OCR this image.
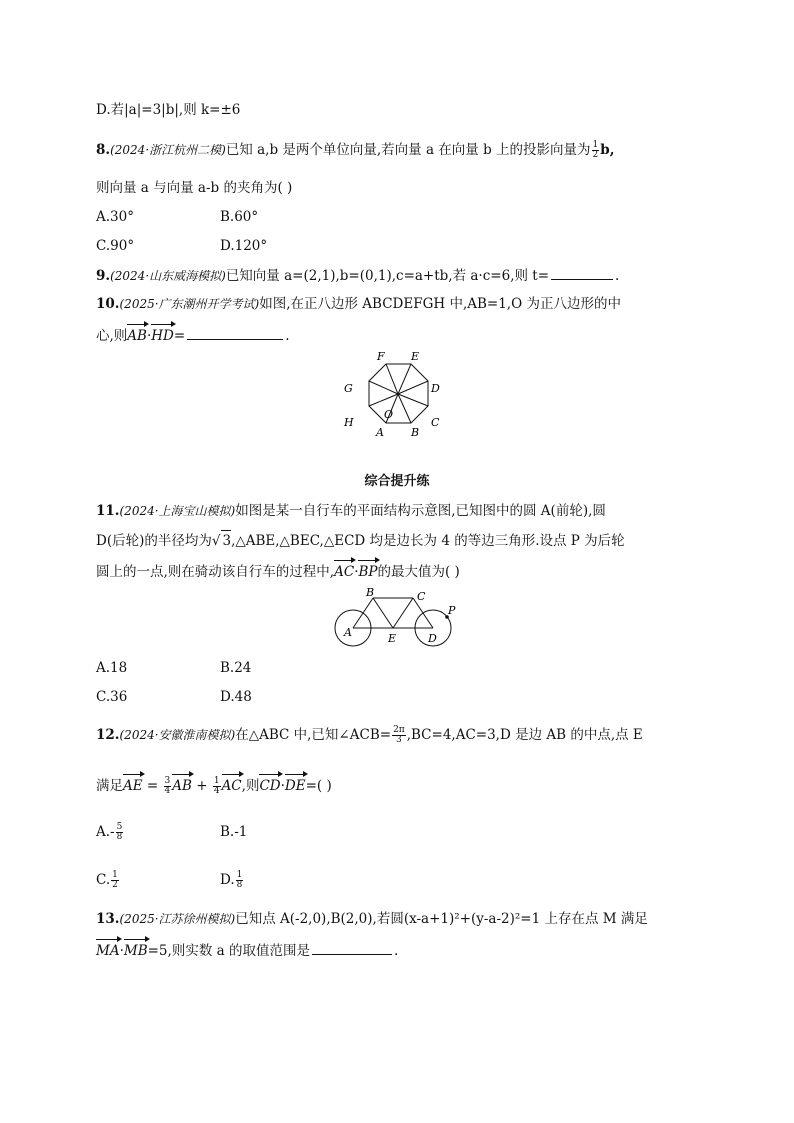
D.若|a|=3|b|,则 k=±6
8.(2024·浙江杭州二模)已知 a,b 是两个单位向量,若向量 a 在向量 b 上的投影向量为 $\frac{1}{2} b$,
则向量 a 与向量 a-b 的夹角为( )
A.30°	B.60°
C.90°	D.120°
9.(2024·山东威海模拟)已知向量 a=(2,1),b=(0,1),c=a+tb,若 a·c=6,则 t=	.
10.(2025·广东潮州开学考试)如图,在正八边形 ABCDEFGH 中,AB=1,O 为正八边形的中
心,则AB·HD=	.
F E
D
C
B
A
H
G
O
综合提升练
11.(2024·上海宝山模拟)如图是某一自行车的平面结构示意图,已知图中的圆 A(前轮),圆
D(后轮)的半径均为√ 3,△ABE,△BEC,△ECD 均是边长为 4 的等边三角形.设点 P 为后轮
圆上的一点,则在骑动该自行车的过程中,AC·BP的最大值为( )
B	C
A	E	D
P
A.18	B.24
C.36	D.48
12.(2024·安徽淮南模拟)在△ABC 中,已知∠ACB= $\frac{2\pi}{3} ,BC=4,AC=3,D$ 是边 AB 的中点,点 E
满足AE = $\frac{3}{4}$ AB + $\frac{1}{4}$ AC,则CD·DE=( )
$A.- \frac{5}{8}$	B.-1
C. $\frac{1}{2}$	D. $\frac{1}{8}$
13.(2025·江苏徐州模拟)已知点 A(-2,0),B(2,0),若圆(x-a+1)²+(y-a-2)²=1 上存在点 M 满足
MA·MB=5,则实数 a 的取值范围是	.
